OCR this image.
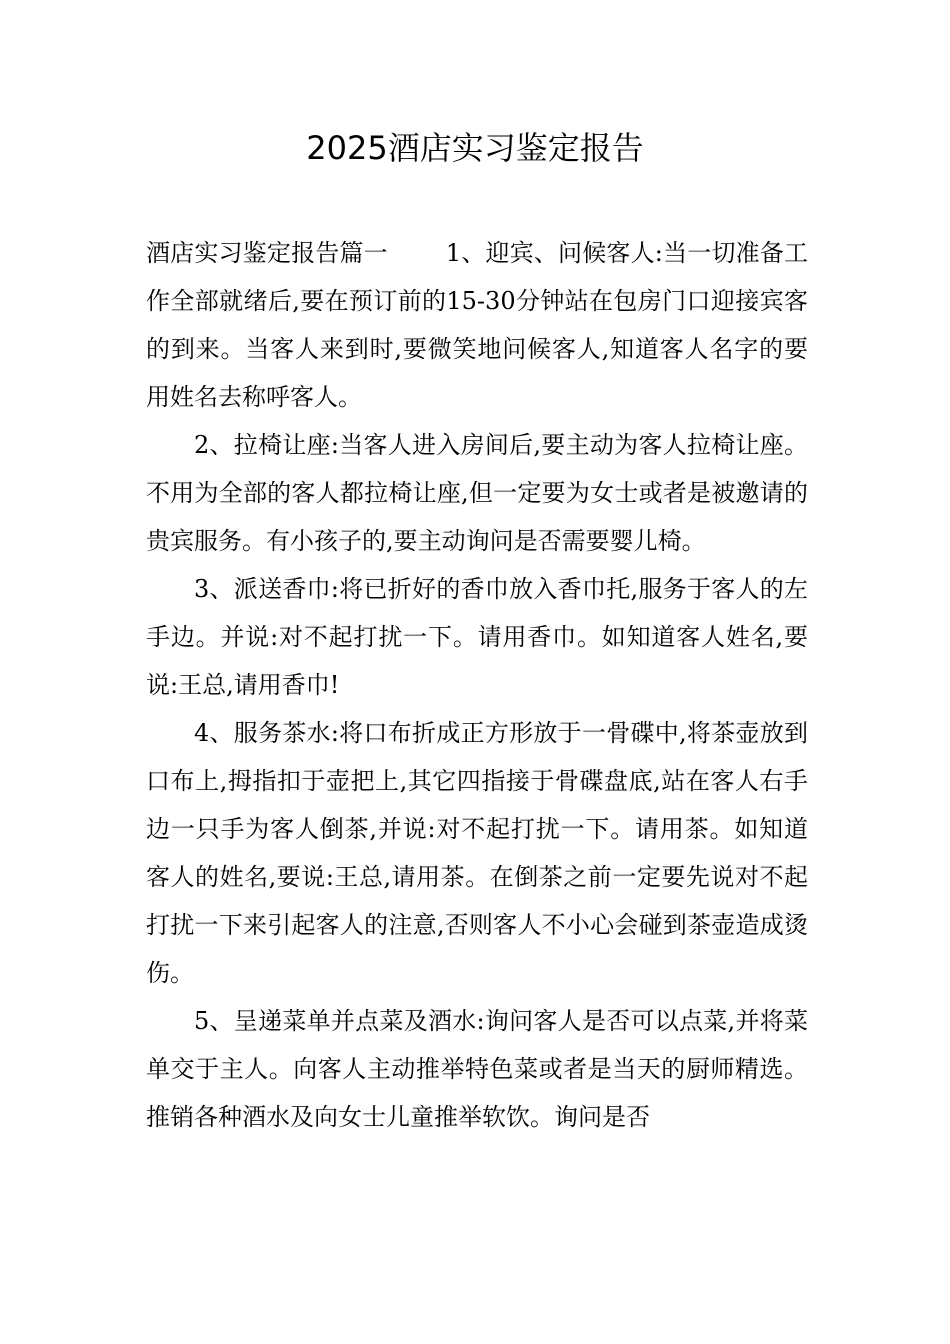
2025酒店实习鉴定报告

酒店实习鉴定报告篇一 1、迎宾、问候客人:当一切准备工作全部就绪后,要在预订前的15-30分钟站在包房门口迎接宾客的到来。当客人来到时,要微笑地问候客人,知道客人名字的要用姓名去称呼客人。

2、拉椅让座:当客人进入房间后,要主动为客人拉椅让座。不用为全部的客人都拉椅让座,但一定要为女士或者是被邀请的贵宾服务。有小孩子的,要主动询问是否需要婴儿椅。

3、派送香巾:将已折好的香巾放入香巾托,服务于客人的左手边。并说:对不起打扰一下。请用香巾。如知道客人姓名,要说:王总,请用香巾!

4、服务茶水:将口布折成正方形放于一骨碟中,将茶壶放到口布上,拇指扣于壶把上,其它四指接于骨碟盘底,站在客人右手边一只手为客人倒茶,并说:对不起打扰一下。请用茶。如知道客人的姓名,要说:王总,请用茶。在倒茶之前一定要先说对不起打扰一下来引起客人的注意,否则客人不小心会碰到茶壶造成烫伤。

5、呈递菜单并点菜及酒水:询问客人是否可以点菜,并将菜单交于主人。向客人主动推举特色菜或者是当天的厨师精选。推销各种酒水及向女士儿童推举软饮。询问是否
